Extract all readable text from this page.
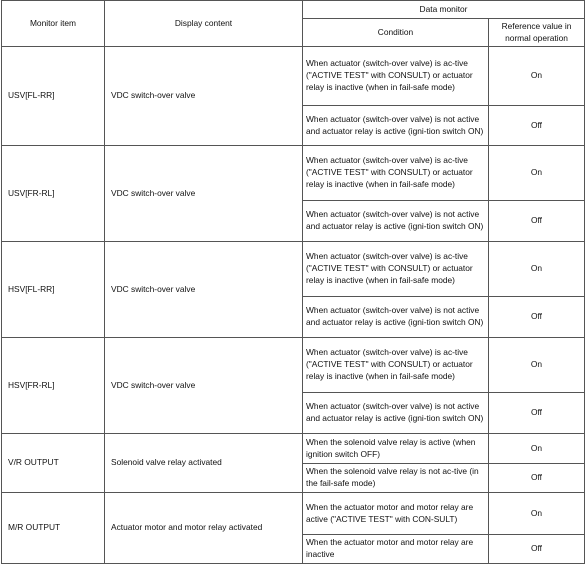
Monitor item	Display content	Data monitor	
		Condition	Reference value in normal operation
USV[FL-RR]	VDC switch-over valve	When actuator (switch-over valve) is ac-tive ("ACTIVE TEST" with CONSULT) or actuator relay is inactive (when in fail-safe mode)	On
		When actuator (switch-over valve) is not active and actuator relay is active (igni-tion switch ON)	Off
USV[FR-RL]	VDC switch-over valve	When actuator (switch-over valve) is ac-tive ("ACTIVE TEST" with CONSULT) or actuator relay is inactive (when in fail-safe mode)	On
		When actuator (switch-over valve) is not active and actuator relay is active (igni-tion switch ON)	Off
HSV[FL-RR]	VDC switch-over valve	When actuator (switch-over valve) is ac-tive ("ACTIVE TEST" with CONSULT) or actuator relay is inactive (when in fail-safe mode)	On
		When actuator (switch-over valve) is not active and actuator relay is active (igni-tion switch ON)	Off
HSV[FR-RL]	VDC switch-over valve	When actuator (switch-over valve) is ac-tive ("ACTIVE TEST" with CONSULT) or actuator relay is inactive (when in fail-safe mode)	On
		When actuator (switch-over valve) is not active and actuator relay is active (igni-tion switch ON)	Off
V/R OUTPUT	Solenoid valve relay activated	When the solenoid valve relay is active (when ignition switch OFF)	On
		When the solenoid valve relay is not ac-tive (in the fail-safe mode)	Off
M/R OUTPUT	Actuator motor and motor relay activated	When the actuator motor and motor relay are active ("ACTIVE TEST" with CON-SULT)	On
		When the actuator motor and motor relay are inactive	Off
